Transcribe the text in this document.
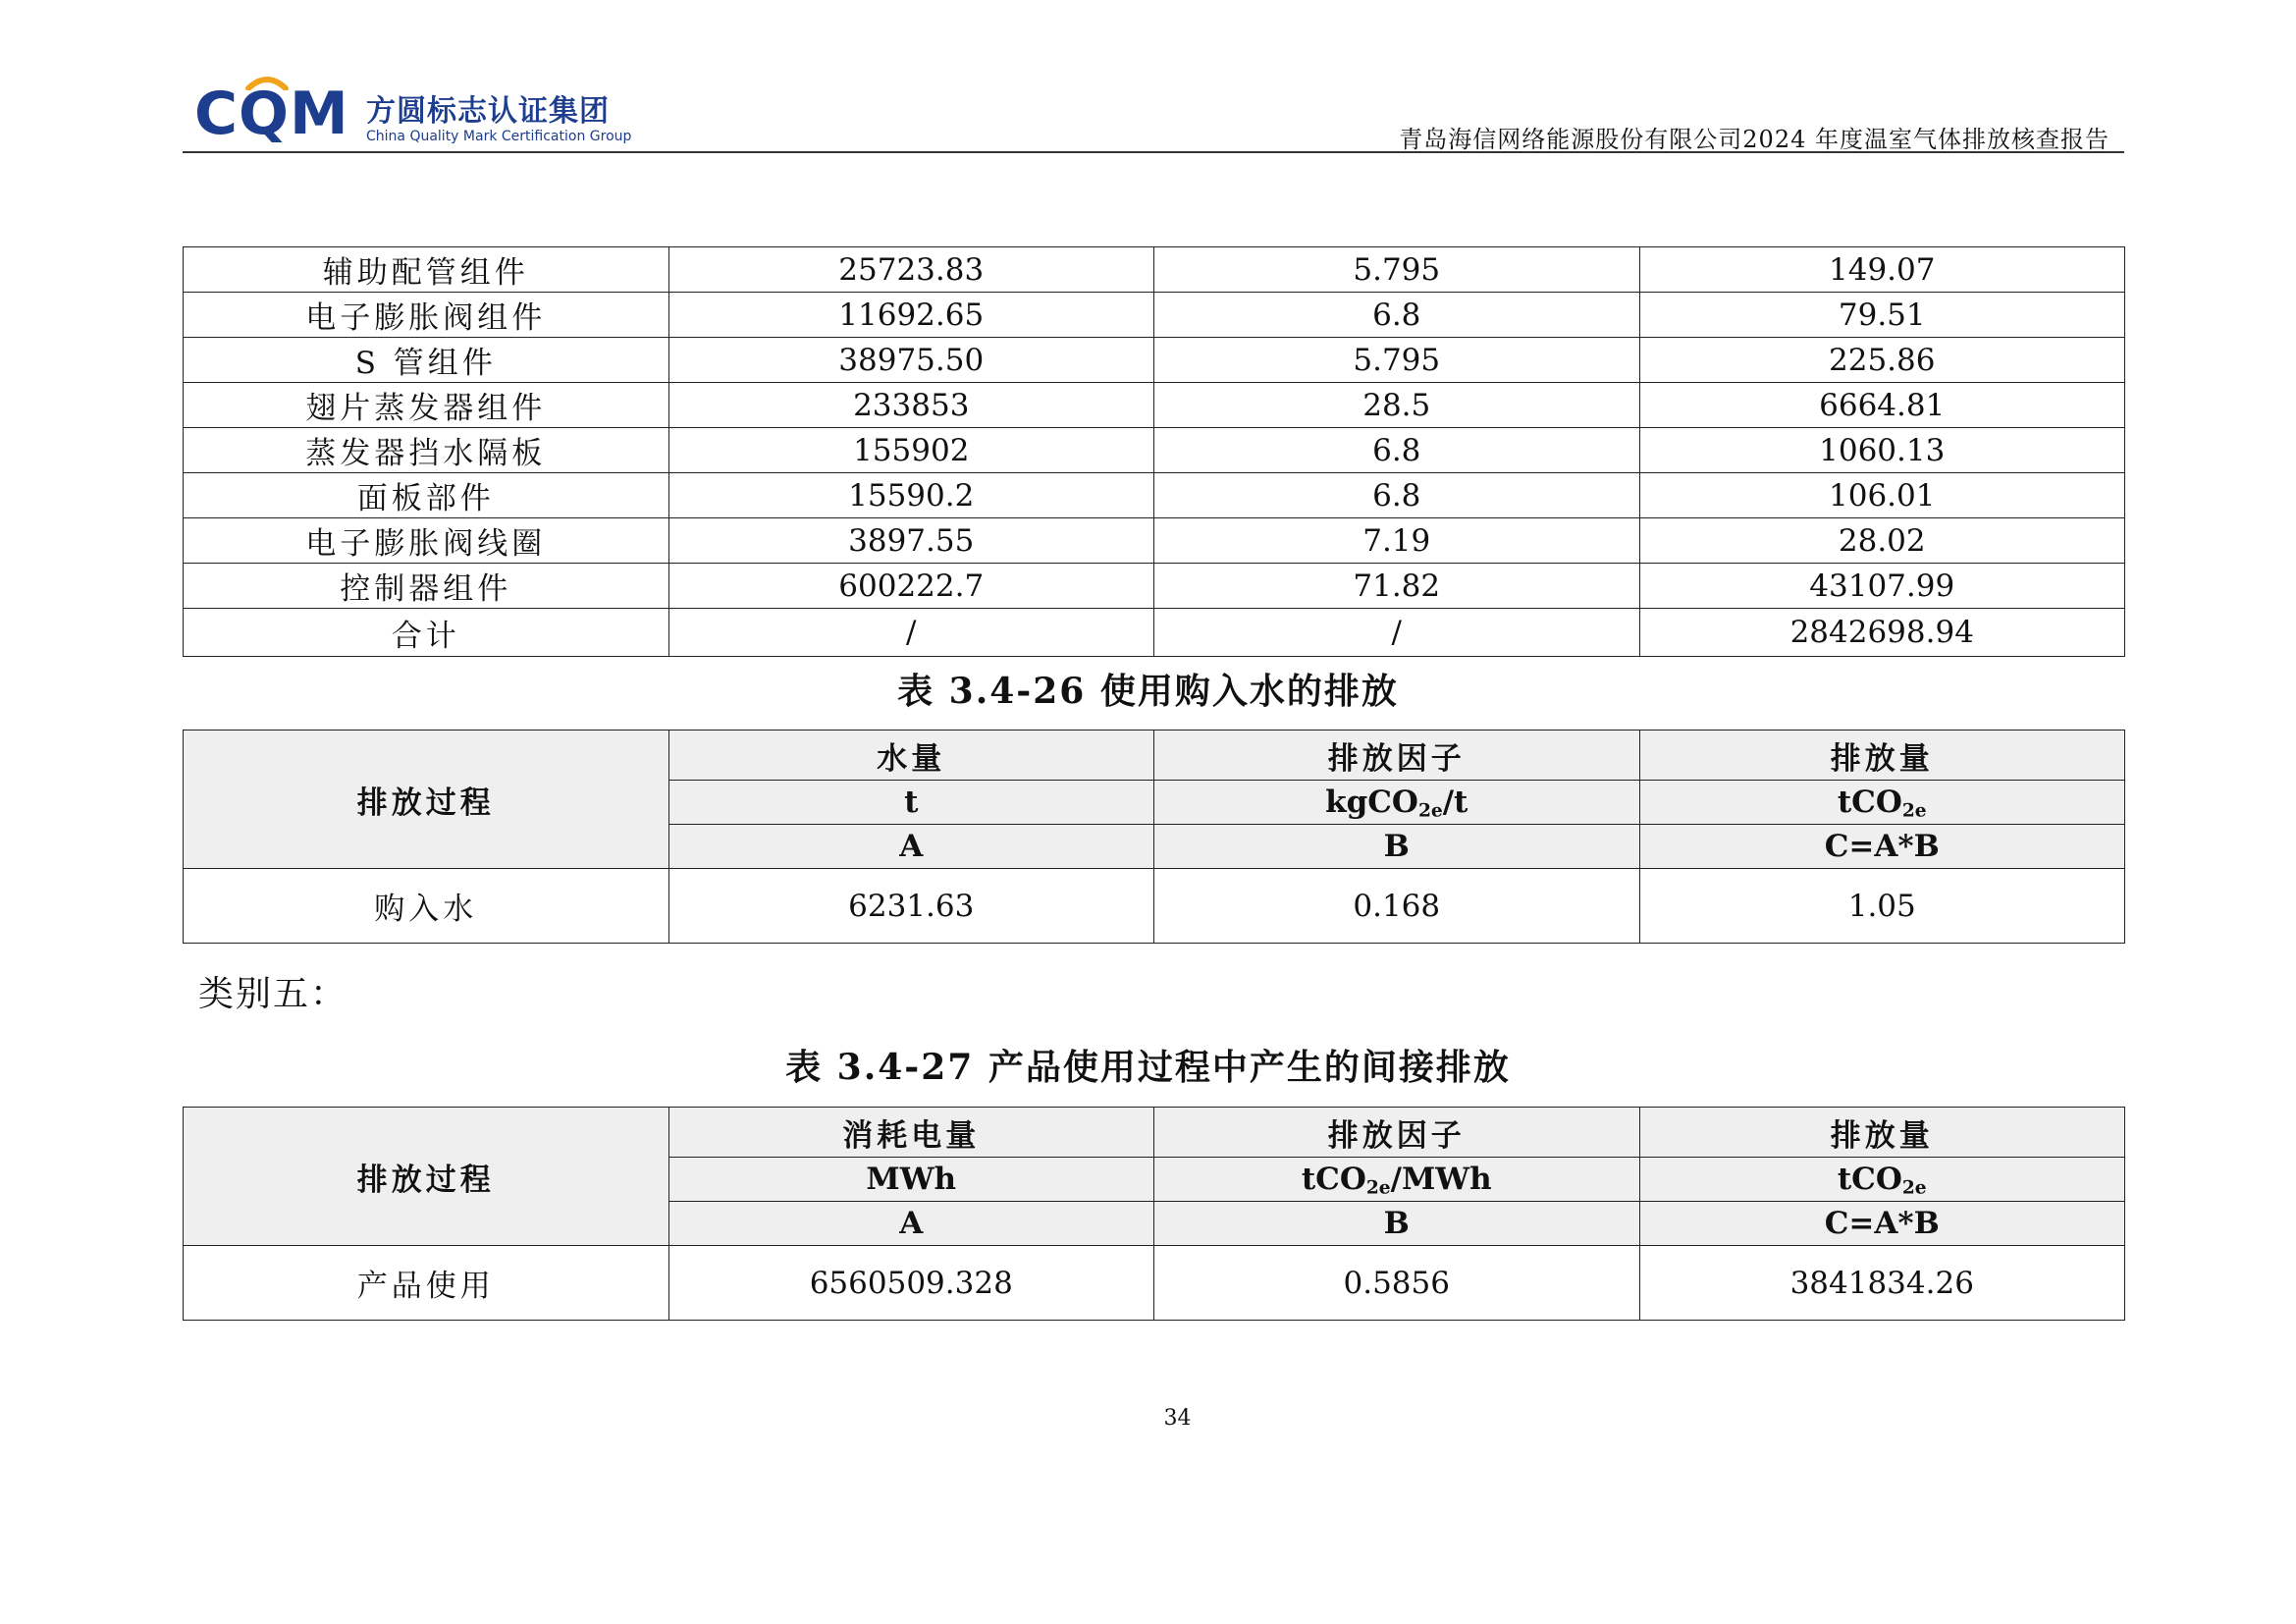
CQM 方圆标志认证集团
China Quality Mark Certification Group	青岛海信网络能源股份有限公司2024 年度温室气体排放核查报告
辅助配管组件	25723.83	5.795	149.07
电子膨胀阀组件	11692.65	6.8	79.51
S 管组件	38975.50	5.795	225.86
翅片蒸发器组件	233853	28.5	6664.81
蒸发器挡水隔板	155902	6.8	1060.13
面板部件	15590.2	6.8	106.01
电子膨胀阀线圈	3897.55	7.19	28.02
控制器组件	600222.7	71.82	43107.99
合计	/	/	2842698.94
表 3.4-26 使用购入水的排放
排放过程	水量	排放因子	排放量
	t	kgCO$_{2e}$/t	tCO$_{2e}$
	A	B	C=A*B
购入水	6231.63	0.168	1.05
类别五：
表 3.4-27 产品使用过程中产生的间接排放
排放过程	消耗电量	排放因子	排放量
	MWh	tCO$_{2e}$/MWh	tCO$_{2e}$
	A	B	C=A*B
产品使用	6560509.328	0.5856	3841834.26
34
